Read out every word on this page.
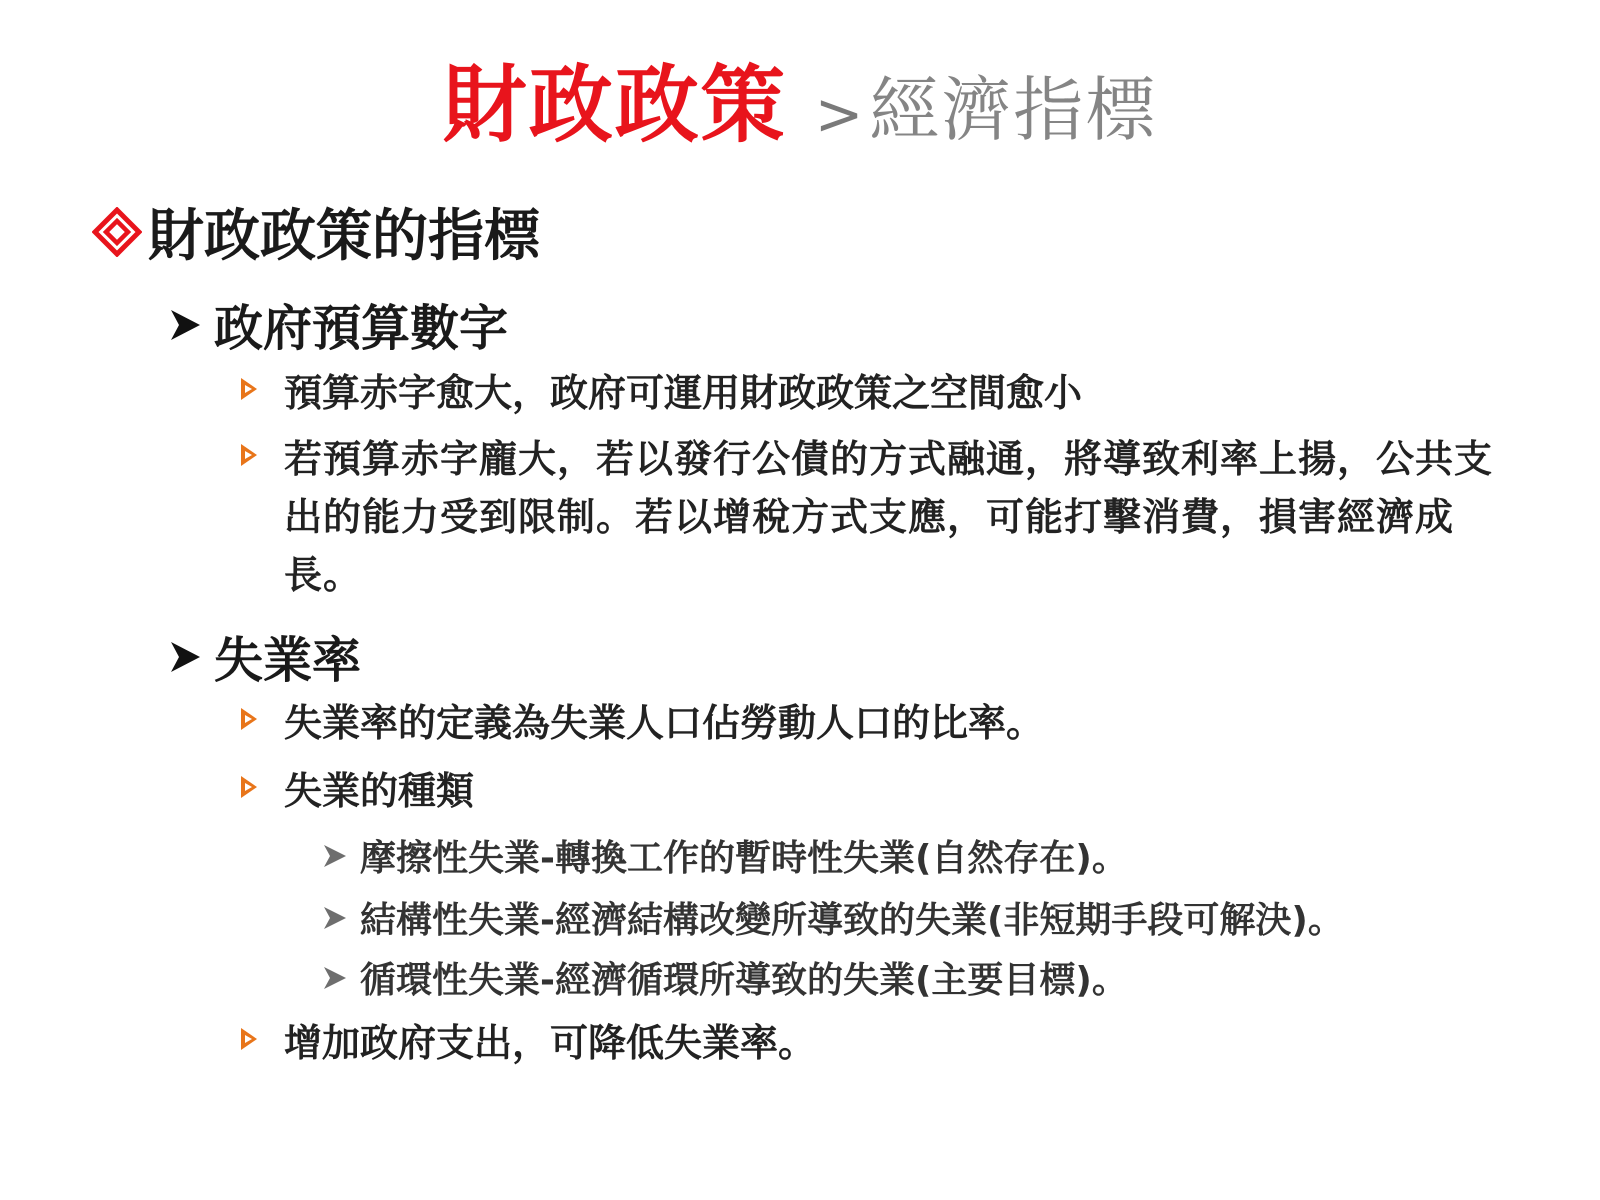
財政政策 >經濟指標
財政政策的指標
政府預算數字
預算赤字愈大，政府可運用財政政策之空間愈小
若預算赤字龐大，若以發行公債的方式融通，將導致利率上揚，公共支出的能力受到限制。若以增稅方式支應，可能打擊消費，損害經濟成長。
失業率
失業率的定義為失業人口佔勞動人口的比率。
失業的種類
摩擦性失業-轉換工作的暫時性失業(自然存在)。
結構性失業-經濟結構改變所導致的失業(非短期手段可解決)。
循環性失業-經濟循環所導致的失業(主要目標)。
增加政府支出，可降低失業率。
